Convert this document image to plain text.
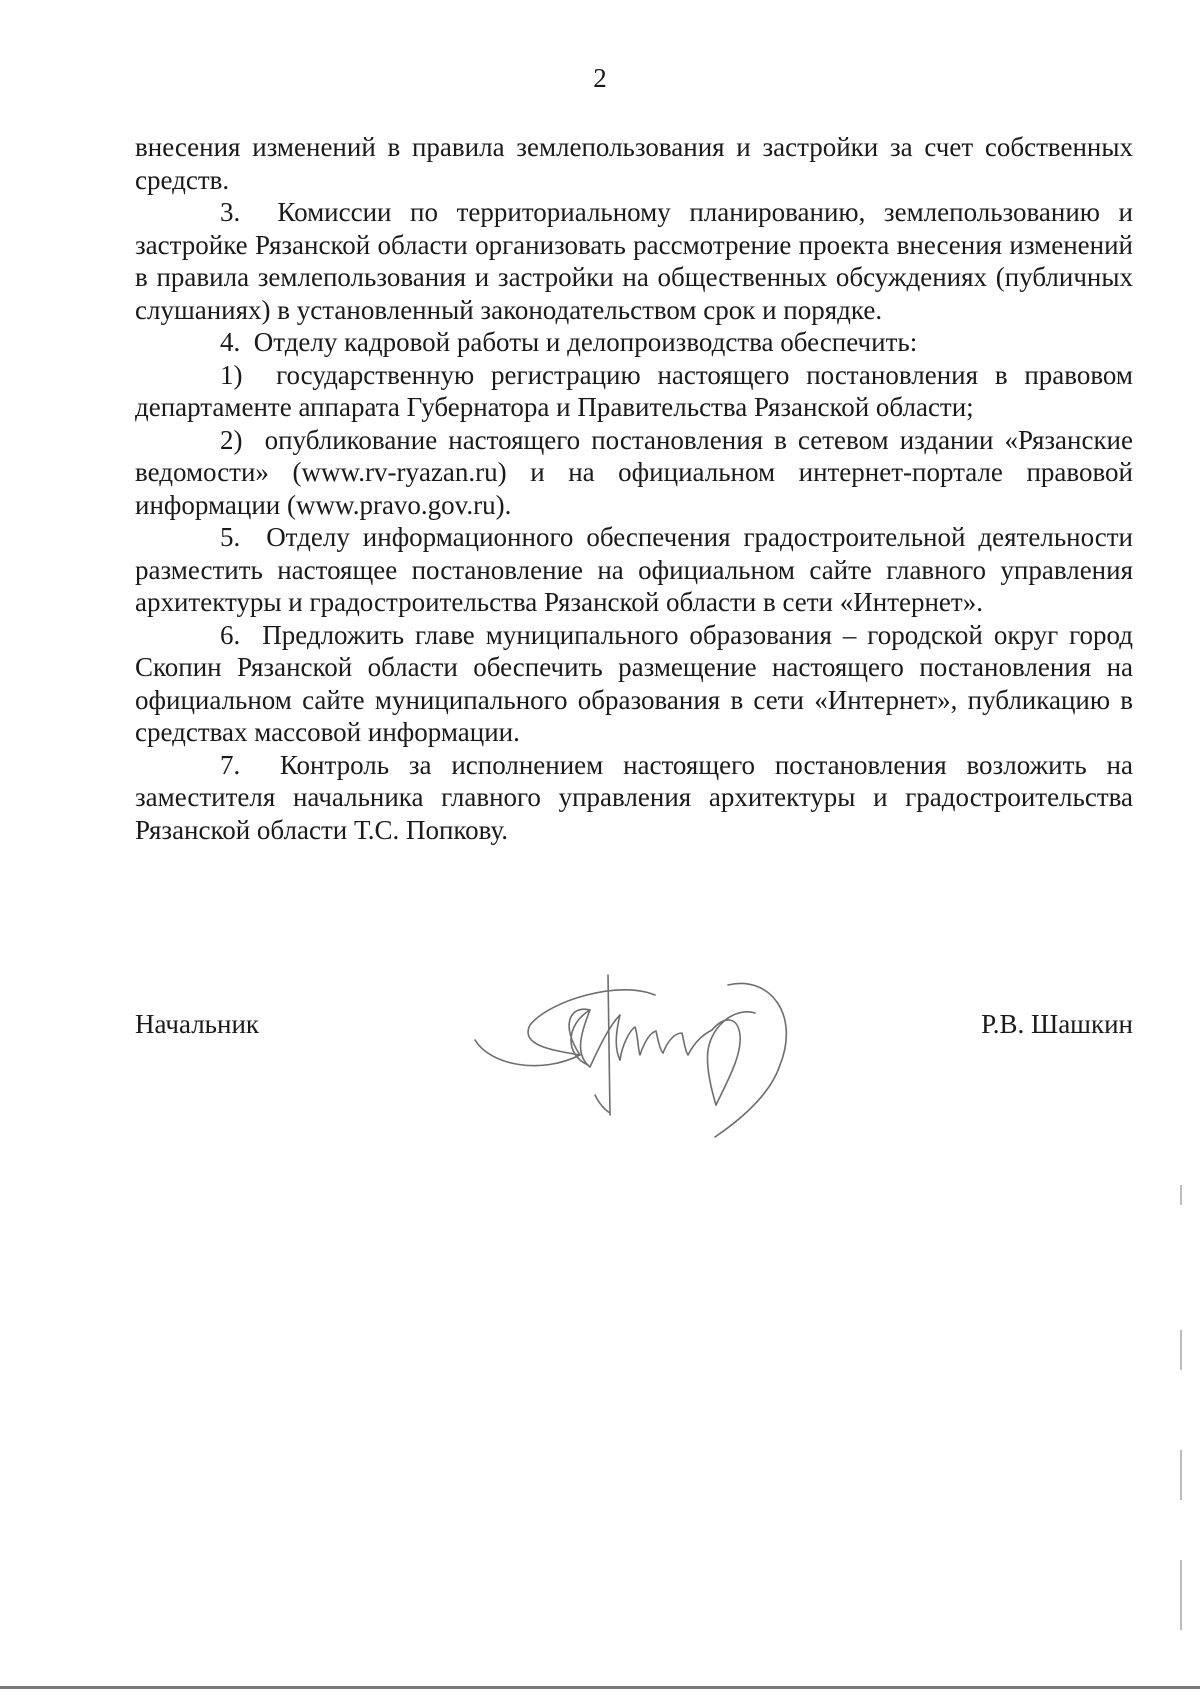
2

внесения изменений в правила землепользования и застройки за счет собственных средств.

3.  Комиссии по территориальному планированию, землепользованию и застройке Рязанской области организовать рассмотрение проекта внесения изменений в правила землепользования и застройки на общественных обсуждениях (публичных слушаниях) в установленный законодательством срок и порядке.

4.  Отделу кадровой работы и делопроизводства обеспечить:

1)  государственную регистрацию настоящего постановления в правовом департаменте аппарата Губернатора и Правительства Рязанской области;

2)  опубликование настоящего постановления в сетевом издании «Рязанские ведомости» (www.rv-ryazan.ru) и на официальном интернет-портале правовой информации (www.pravo.gov.ru).

5.  Отделу информационного обеспечения градостроительной деятельности разместить настоящее постановление на официальном сайте главного управления архитектуры и градостроительства Рязанской области в сети «Интернет».

6.  Предложить главе муниципального образования – городской округ город Скопин Рязанской области обеспечить размещение настоящего постановления на официальном сайте муниципального образования в сети «Интернет», публикацию в средствах массовой информации.

7.  Контроль за исполнением настоящего постановления возложить на заместителя начальника главного управления архитектуры и градостроительства Рязанской области Т.С. Попкову.

Начальник	Р.В. Шашкин
